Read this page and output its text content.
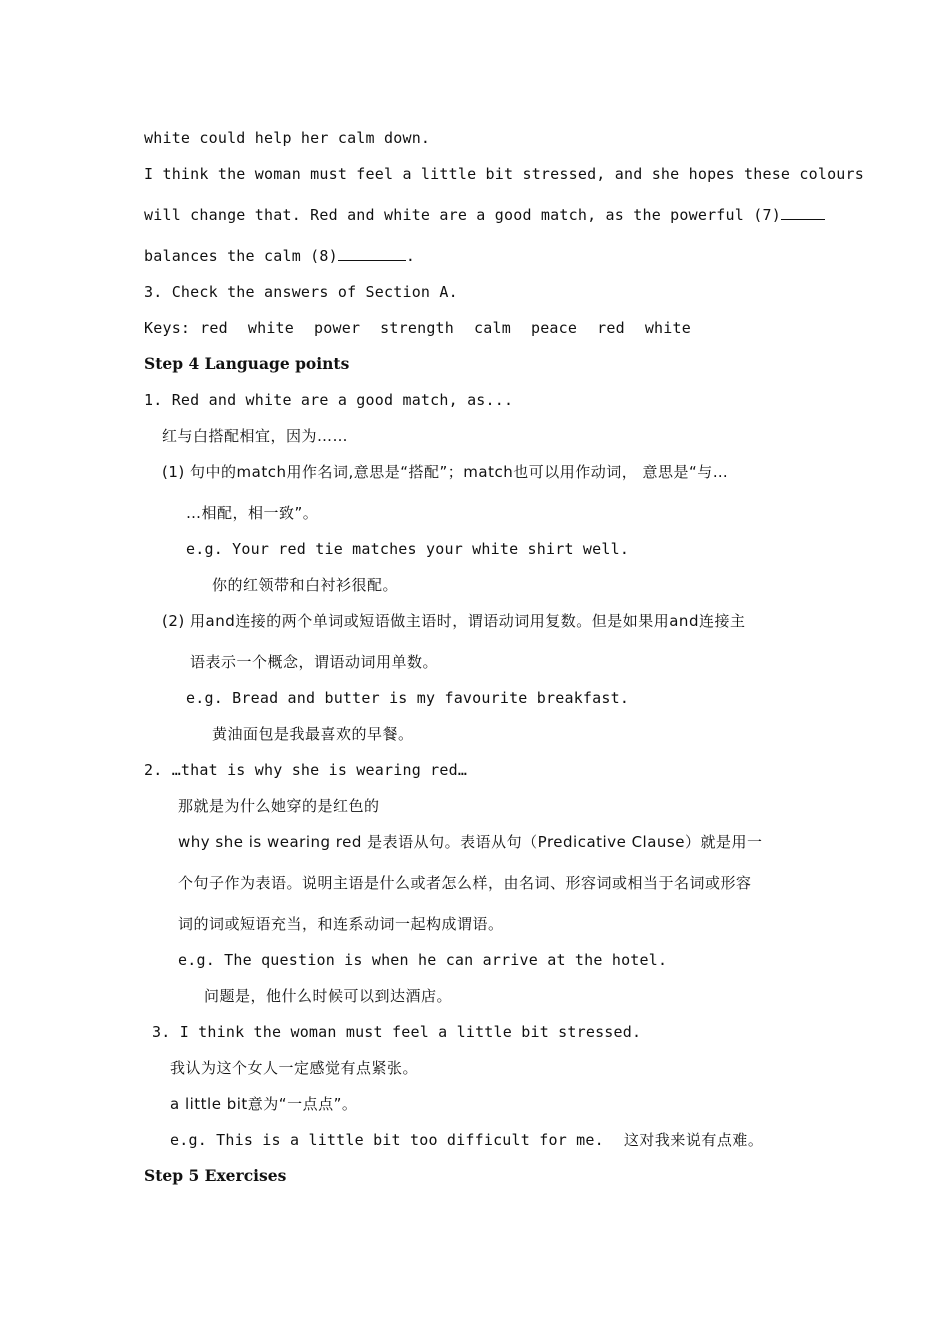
white could help her calm down.
I think the woman must feel a little bit stressed, and she hopes these colours
will change that. Red and white are a good match, as the powerful (7)
balances the calm (8)	.
3. Check the answers of Section A.
Keys: red white power strength calm peace red white
Step 4 Language points
1. Red and white are a good match, as...
红与白搭配相宜，因为……
(1) 句中的match用作名词,意思是“搭配”；match也可以用作动词， 意思是“与…
…相配，相一致”。
e.g. Your red tie matches your white shirt well.
你的红领带和白衬衫很配。
(2) 用and连接的两个单词或短语做主语时，谓语动词用复数。但是如果用and连接主
语表示一个概念，谓语动词用单数。
e.g. Bread and butter is my favourite breakfast.
黄油面包是我最喜欢的早餐。
2. …that is why she is wearing red…
那就是为什么她穿的是红色的
why she is wearing red 是表语从句。表语从句（Predicative Clause）就是用一
个句子作为表语。说明主语是什么或者怎么样，由名词、形容词或相当于名词或形容
词的词或短语充当，和连系动词一起构成谓语。
e.g. The question is when he can arrive at the hotel.
问题是，他什么时候可以到达酒店。
3. I think the woman must feel a little bit stressed.
我认为这个女人一定感觉有点紧张。
a little bit意为“一点点”。
e.g. This is a little bit too difficult for me. 这对我来说有点难。
Step 5 Exercises
